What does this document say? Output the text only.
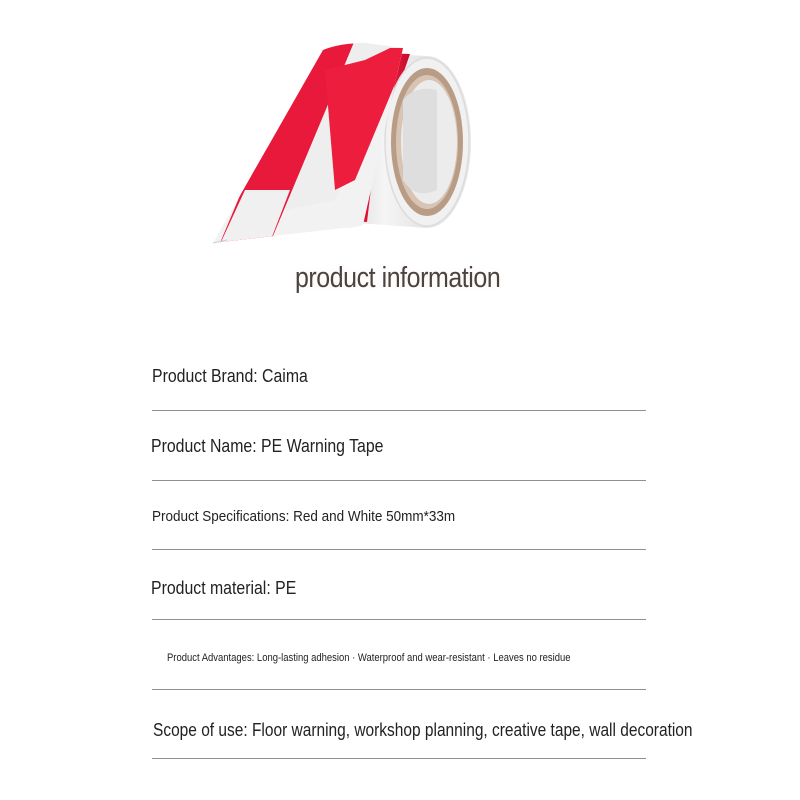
product information
Product Brand: Caima
Product Name: PE Warning Tape
Product Specifications: Red and White 50mm*33m
Product material: PE
Product Advantages: Long-lasting adhesion · Waterproof and wear-resistant · Leaves no residue
Scope of use: Floor warning, workshop planning, creative tape, wall decoration
